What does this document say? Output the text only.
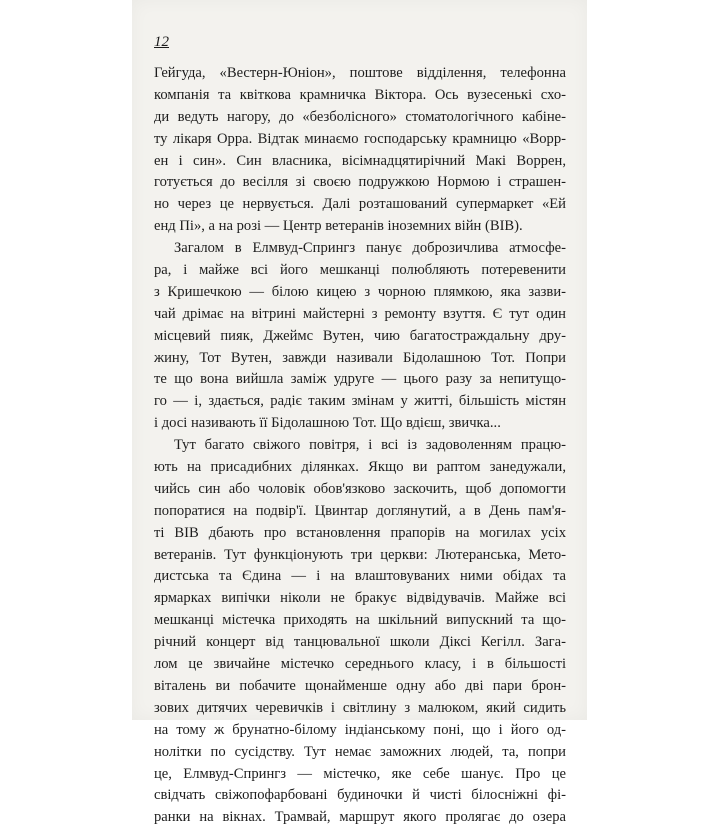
12
Гейгуда, «Вестерн-Юніон», поштове відділення, телефонна
компанія та квіткова крамничка Віктора. Ось вузесенькі схо-
ди ведуть нагору, до «безболісного» стоматологічного кабіне-
ту лікаря Орра. Відтак минаємо господарську крамницю «Ворр-
ен і син». Син власника, вісімнадцятирічний Макі Воррен,
готується до весілля зі своєю подружкою Нормою і страшен-
но через це нервується. Далі розташований супермаркет «Ей
енд Пі», а на розі — Центр ветеранів іноземних війн (ВІВ).
Загалом в Елмвуд-Спрингз панує доброзичлива атмосфе-
ра, і майже всі його мешканці полюбляють потеревенити
з Кришечкою — білою кицею з чорною плямкою, яка зазви-
чай дрімає на вітрині майстерні з ремонту взуття. Є тут один
місцевий пияк, Джеймс Вутен, чию багатостраждальну дру-
жину, Тот Вутен, завжди називали Бідолашною Тот. Попри
те що вона вийшла заміж удруге — цього разу за непитущо-
го — і, здається, радіє таким змінам у житті, більшість містян
і досі називають її Бідолашною Тот. Що вдієш, звичка...
Тут багато свіжого повітря, і всі із задоволенням працю-
ють на присадибних ділянках. Якщо ви раптом занедужали,
чийсь син або чоловік обов'язково заскочить, щоб допомогти
попоратися на подвір'ї. Цвинтар доглянутий, а в День пам'я-
ті ВІВ дбають про встановлення прапорів на могилах усіх
ветеранів. Тут функціонують три церкви: Лютеранська, Мето-
дистська та Єдина — і на влаштовуваних ними обідах та
ярмарках випічки ніколи не бракує відвідувачів. Майже всі
мешканці містечка приходять на шкільний випускний та що-
річний концерт від танцювальної школи Діксі Кегілл. Зага-
лом це звичайне містечко середнього класу, і в більшості
віталень ви побачите щонайменше одну або дві пари брон-
зових дитячих черевичків і світлину з малюком, який сидить
на тому ж брунатно-білому індіанському поні, що і його од-
нолітки по сусідству. Тут немає заможних людей, та, попри
це, Елмвуд-Спрингз — містечко, яке себе шанує. Про це
свідчать свіжопофарбовані будиночки й чисті білосніжні фі-
ранки на вікнах. Трамвай, маршрут якого пролягає до озера
